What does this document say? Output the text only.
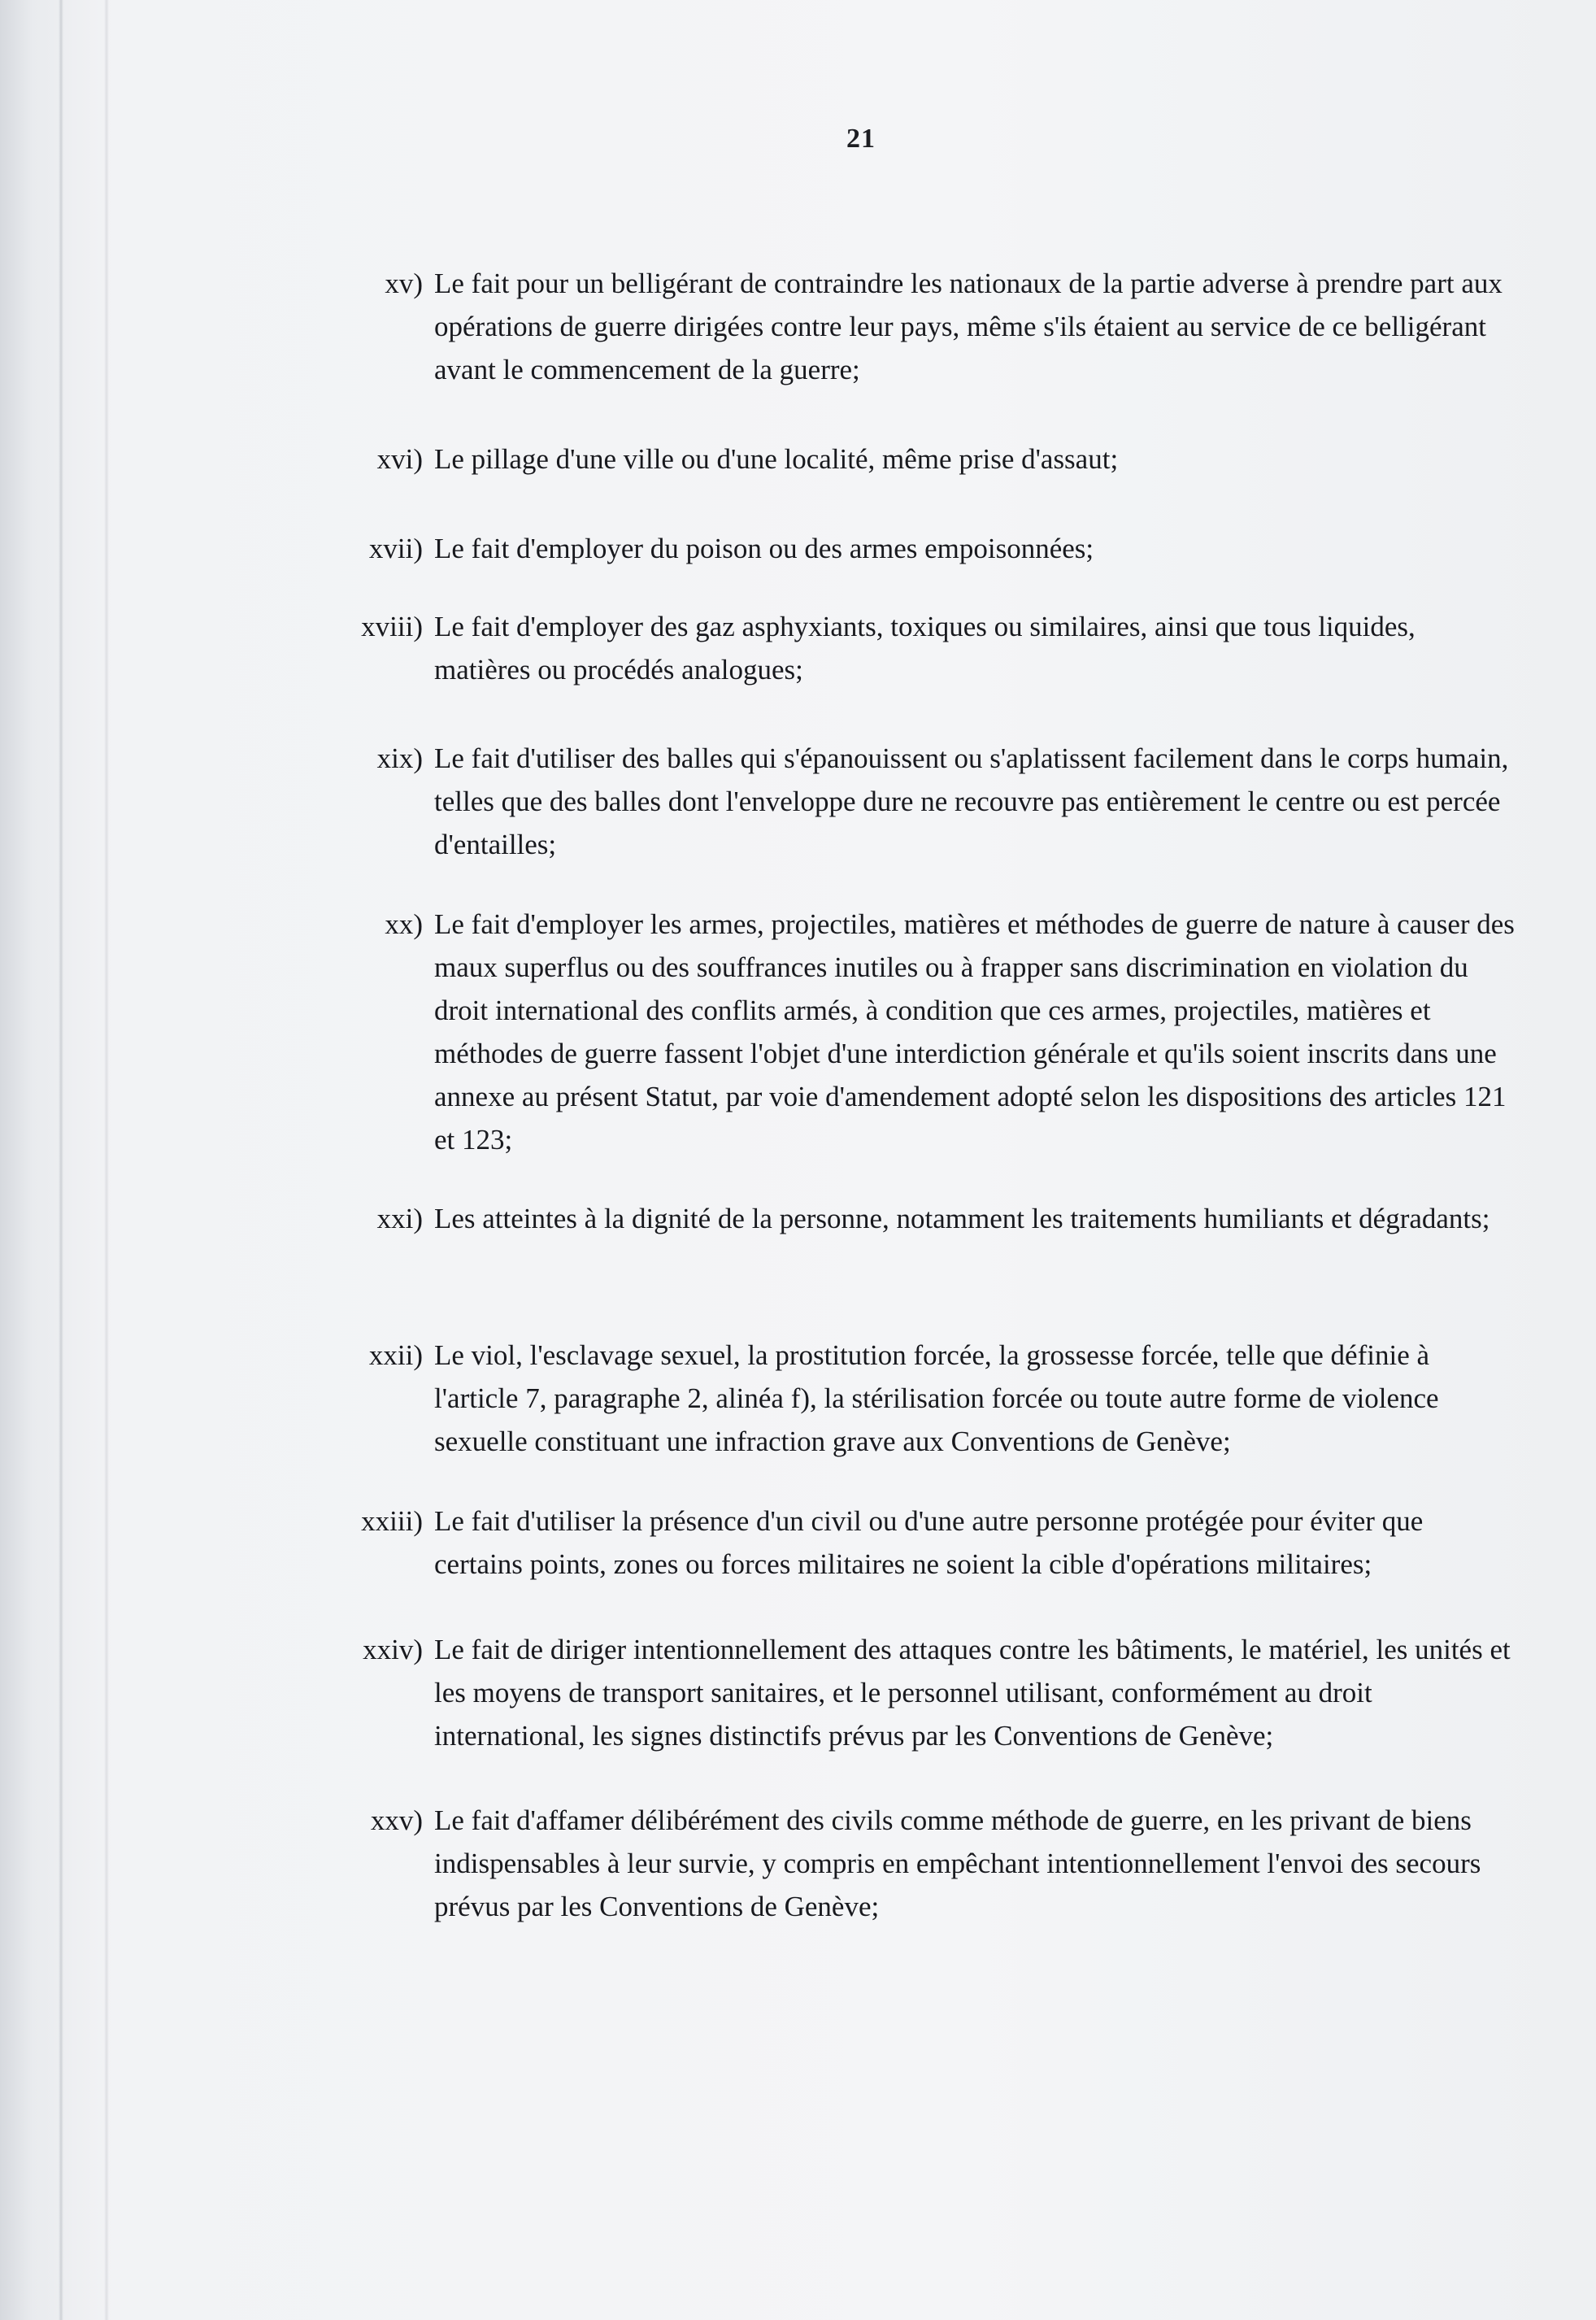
21
xv) Le fait pour un belligérant de contraindre les nationaux de la partie adverse à prendre part aux opérations de guerre dirigées contre leur pays, même s'ils étaient au service de ce belligérant avant le commencement de la guerre;
xvi) Le pillage d'une ville ou d'une localité, même prise d'assaut;
xvii) Le fait d'employer du poison ou des armes empoisonnées;
xviii) Le fait d'employer des gaz asphyxiants, toxiques ou similaires, ainsi que tous liquides, matières ou procédés analogues;
xix) Le fait d'utiliser des balles qui s'épanouissent ou s'aplatissent facilement dans le corps humain, telles que des balles dont l'enveloppe dure ne recouvre pas entièrement le centre ou est percée d'entailles;
xx) Le fait d'employer les armes, projectiles, matières et méthodes de guerre de nature à causer des maux superflus ou des souffrances inutiles ou à frapper sans discrimination en violation du droit international des conflits armés, à condition que ces armes, projectiles, matières et méthodes de guerre fassent l'objet d'une interdiction générale et qu'ils soient inscrits dans une annexe au présent Statut, par voie d'amendement adopté selon les dispositions des articles 121 et 123;
xxi) Les atteintes à la dignité de la personne, notamment les traitements humiliants et dégradants;
xxii) Le viol, l'esclavage sexuel, la prostitution forcée, la grossesse forcée, telle que définie à l'article 7, paragraphe 2, alinéa f), la stérilisation forcée ou toute autre forme de violence sexuelle constituant une infraction grave aux Conventions de Genève;
xxiii) Le fait d'utiliser la présence d'un civil ou d'une autre personne protégée pour éviter que certains points, zones ou forces militaires ne soient la cible d'opérations militaires;
xxiv) Le fait de diriger intentionnellement des attaques contre les bâtiments, le matériel, les unités et les moyens de transport sanitaires, et le personnel utilisant, conformément au droit international, les signes distinctifs prévus par les Conventions de Genève;
xxv) Le fait d'affamer délibérément des civils comme méthode de guerre, en les privant de biens indispensables à leur survie, y compris en empêchant intentionnellement l'envoi des secours prévus par les Conventions de Genève;
